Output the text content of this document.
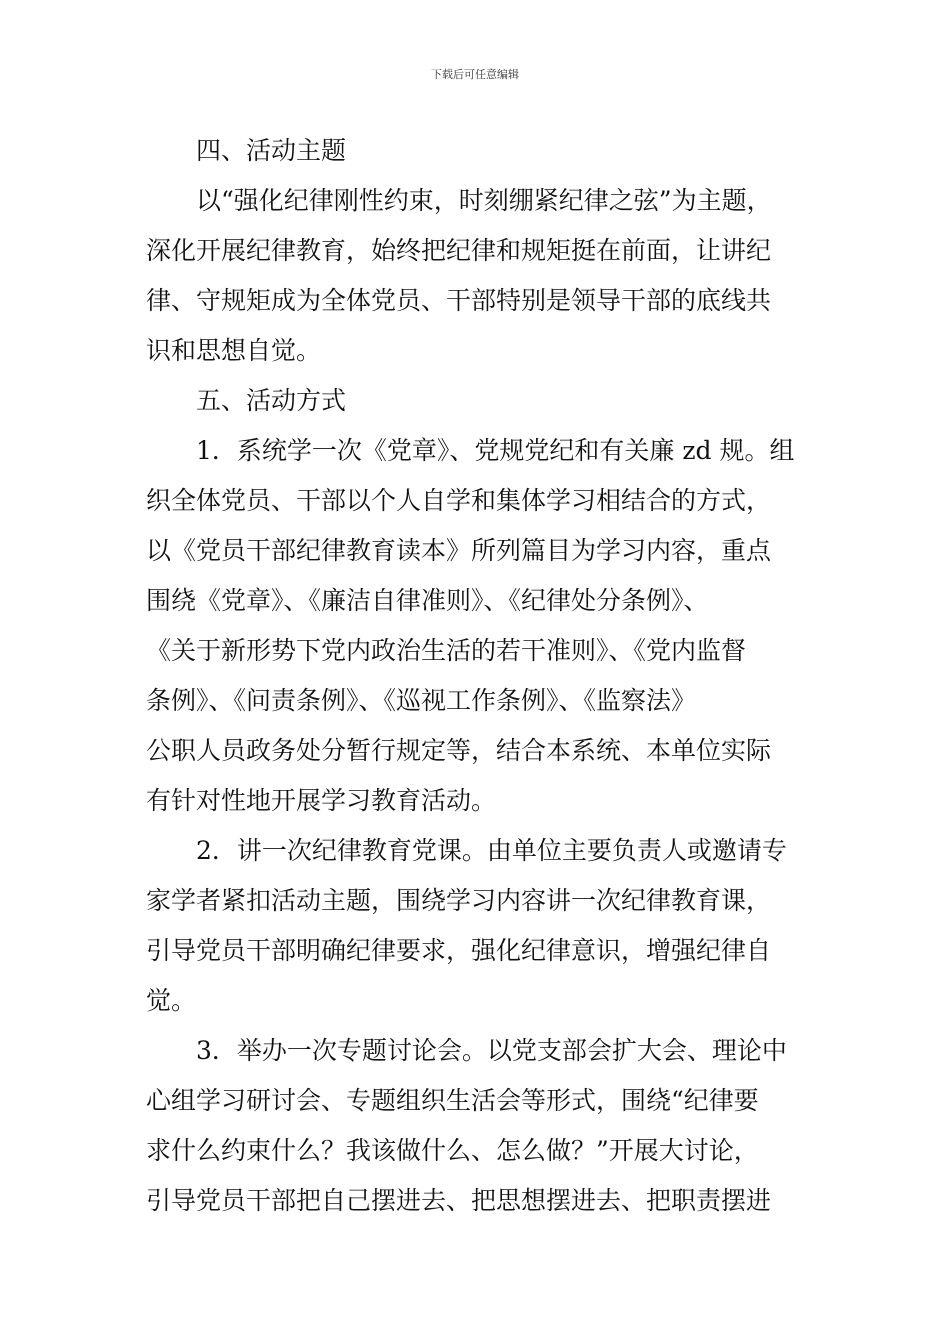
下载后可任意编辑
四、活动主题
以“强化纪律刚性约束，时刻绷紧纪律之弦”为主题，
深化开展纪律教育，始终把纪律和规矩挺在前面，让讲纪
律、守规矩成为全体党员、干部特别是领导干部的底线共
识和思想自觉。
五、活动方式
1．系统学一次《党章》、党规党纪和有关廉 zd 规。组
织全体党员、干部以个人自学和集体学习相结合的方式，
以《党员干部纪律教育读本》所列篇目为学习内容，重点
围绕《党章》、《廉洁自律准则》、《纪律处分条例》、
《关于新形势下党内政治生活的若干准则》、《党内监督
条例》、《问责条例》、《巡视工作条例》、《监察法》
公职人员政务处分暂行规定等，结合本系统、本单位实际
有针对性地开展学习教育活动。
2．讲一次纪律教育党课。由单位主要负责人或邀请专
家学者紧扣活动主题，围绕学习内容讲一次纪律教育课，
引导党员干部明确纪律要求，强化纪律意识，增强纪律自
觉。
3．举办一次专题讨论会。以党支部会扩大会、理论中
心组学习研讨会、专题组织生活会等形式，围绕“纪律要
求什么约束什么？我该做什么、怎么做？”开展大讨论，
引导党员干部把自己摆进去、把思想摆进去、把职责摆进
